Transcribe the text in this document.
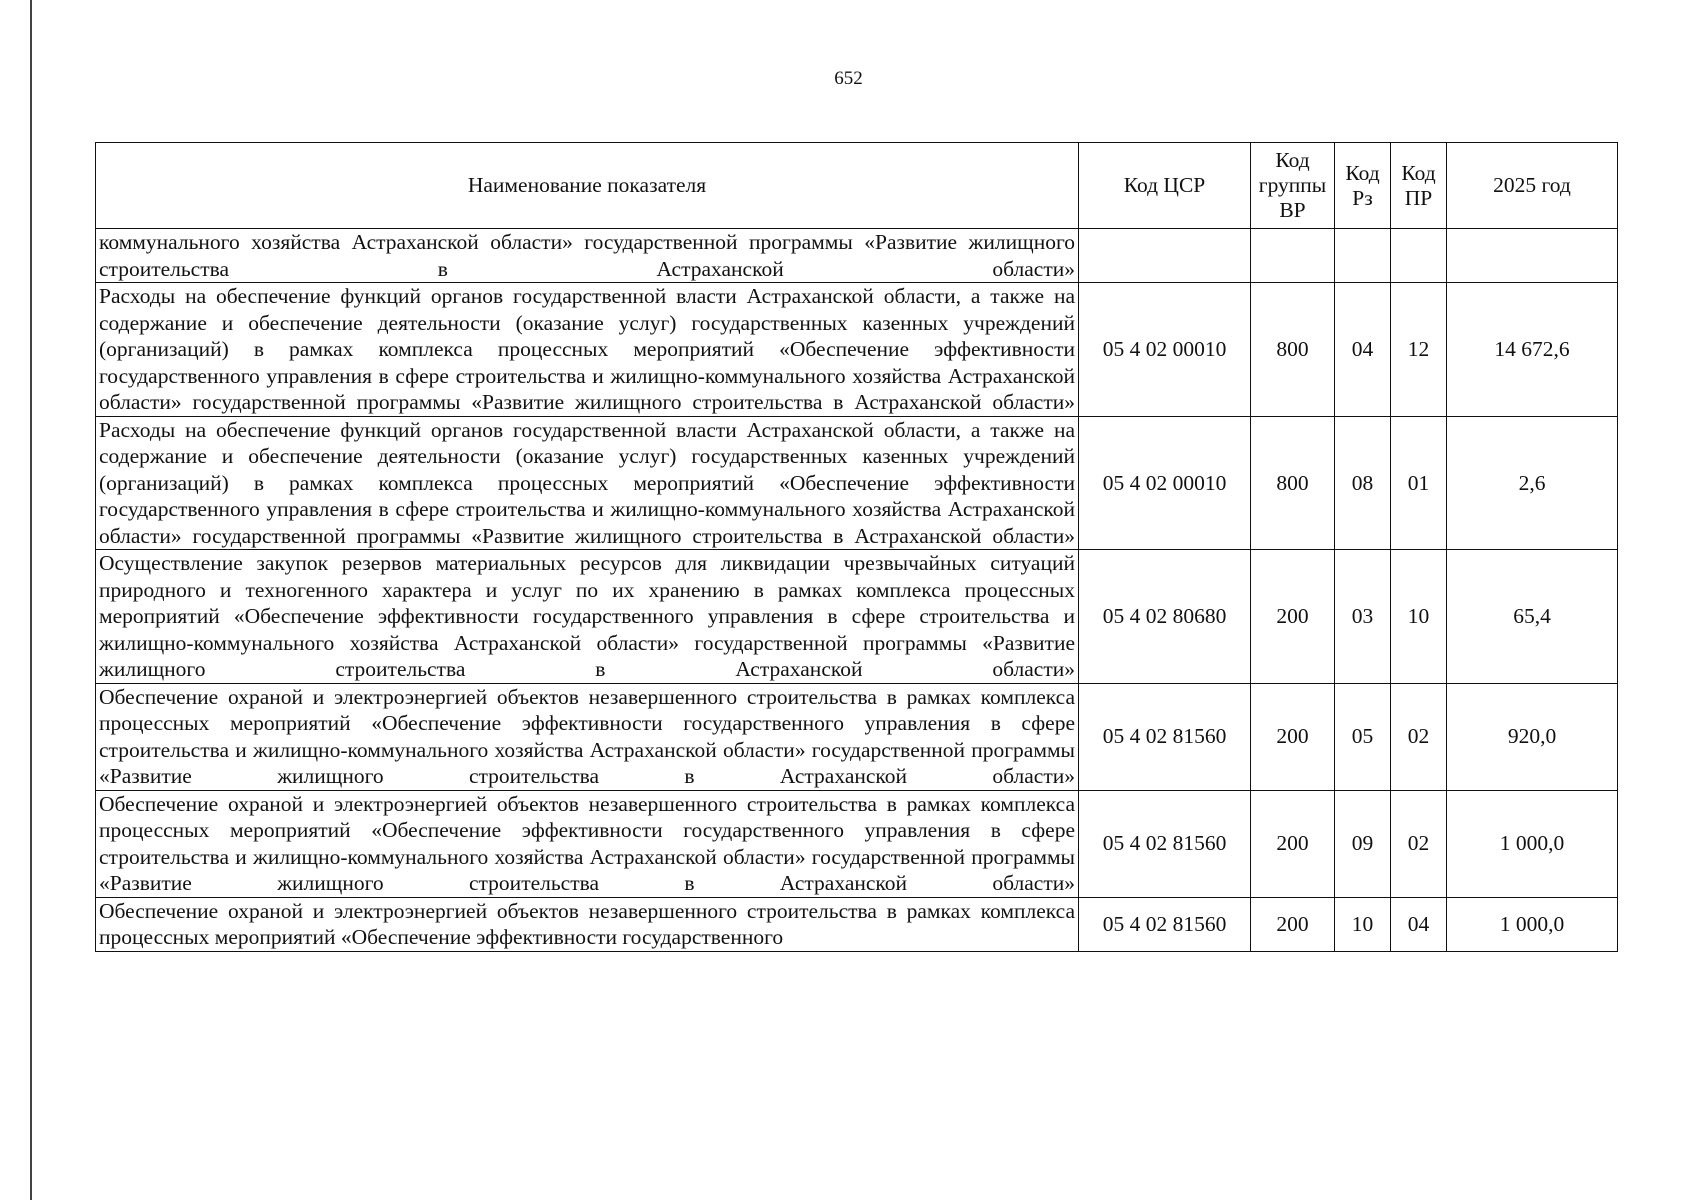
652
Наименование показателя	Код ЦСР	Код группы ВР	Код Рз	Код ПР	2025 год
коммунального хозяйства Астраханской области» государственной программы «Развитие жилищного строительства в Астраханской области»					
Расходы на обеспечение функций органов государственной власти Астраханской области, а также на содержание и обеспечение деятельности (оказание услуг) государственных казенных учреждений (организаций) в рамках комплекса процессных мероприятий «Обеспечение эффективности государственного управления в сфере строительства и жилищно-коммунального хозяйства Астраханской области» государственной программы «Развитие жилищного строительства в Астраханской области»	05 4 02 00010	800	04	12	14 672,6
Расходы на обеспечение функций органов государственной власти Астраханской области, а также на содержание и обеспечение деятельности (оказание услуг) государственных казенных учреждений (организаций) в рамках комплекса процессных мероприятий «Обеспечение эффективности государственного управления в сфере строительства и жилищно-коммунального хозяйства Астраханской области» государственной программы «Развитие жилищного строительства в Астраханской области»	05 4 02 00010	800	08	01	2,6
Осуществление закупок резервов материальных ресурсов для ликвидации чрезвычайных ситуаций природного и техногенного характера и услуг по их хранению в рамках комплекса процессных мероприятий «Обеспечение эффективности государственного управления в сфере строительства и жилищно-коммунального хозяйства Астраханской области» государственной программы «Развитие жилищного строительства в Астраханской области»	05 4 02 80680	200	03	10	65,4
Обеспечение охраной и электроэнергией объектов незавершенного строительства в рамках комплекса процессных мероприятий «Обеспечение эффективности государственного управления в сфере строительства и жилищно-коммунального хозяйства Астраханской области» государственной программы «Развитие жилищного строительства в Астраханской области»	05 4 02 81560	200	05	02	920,0
Обеспечение охраной и электроэнергией объектов незавершенного строительства в рамках комплекса процессных мероприятий «Обеспечение эффективности государственного управления в сфере строительства и жилищно-коммунального хозяйства Астраханской области» государственной программы «Развитие жилищного строительства в Астраханской области»	05 4 02 81560	200	09	02	1 000,0
Обеспечение охраной и электроэнергией объектов незавершенного строительства в рамках комплекса процессных мероприятий «Обеспечение эффективности государственного	05 4 02 81560	200	10	04	1 000,0
